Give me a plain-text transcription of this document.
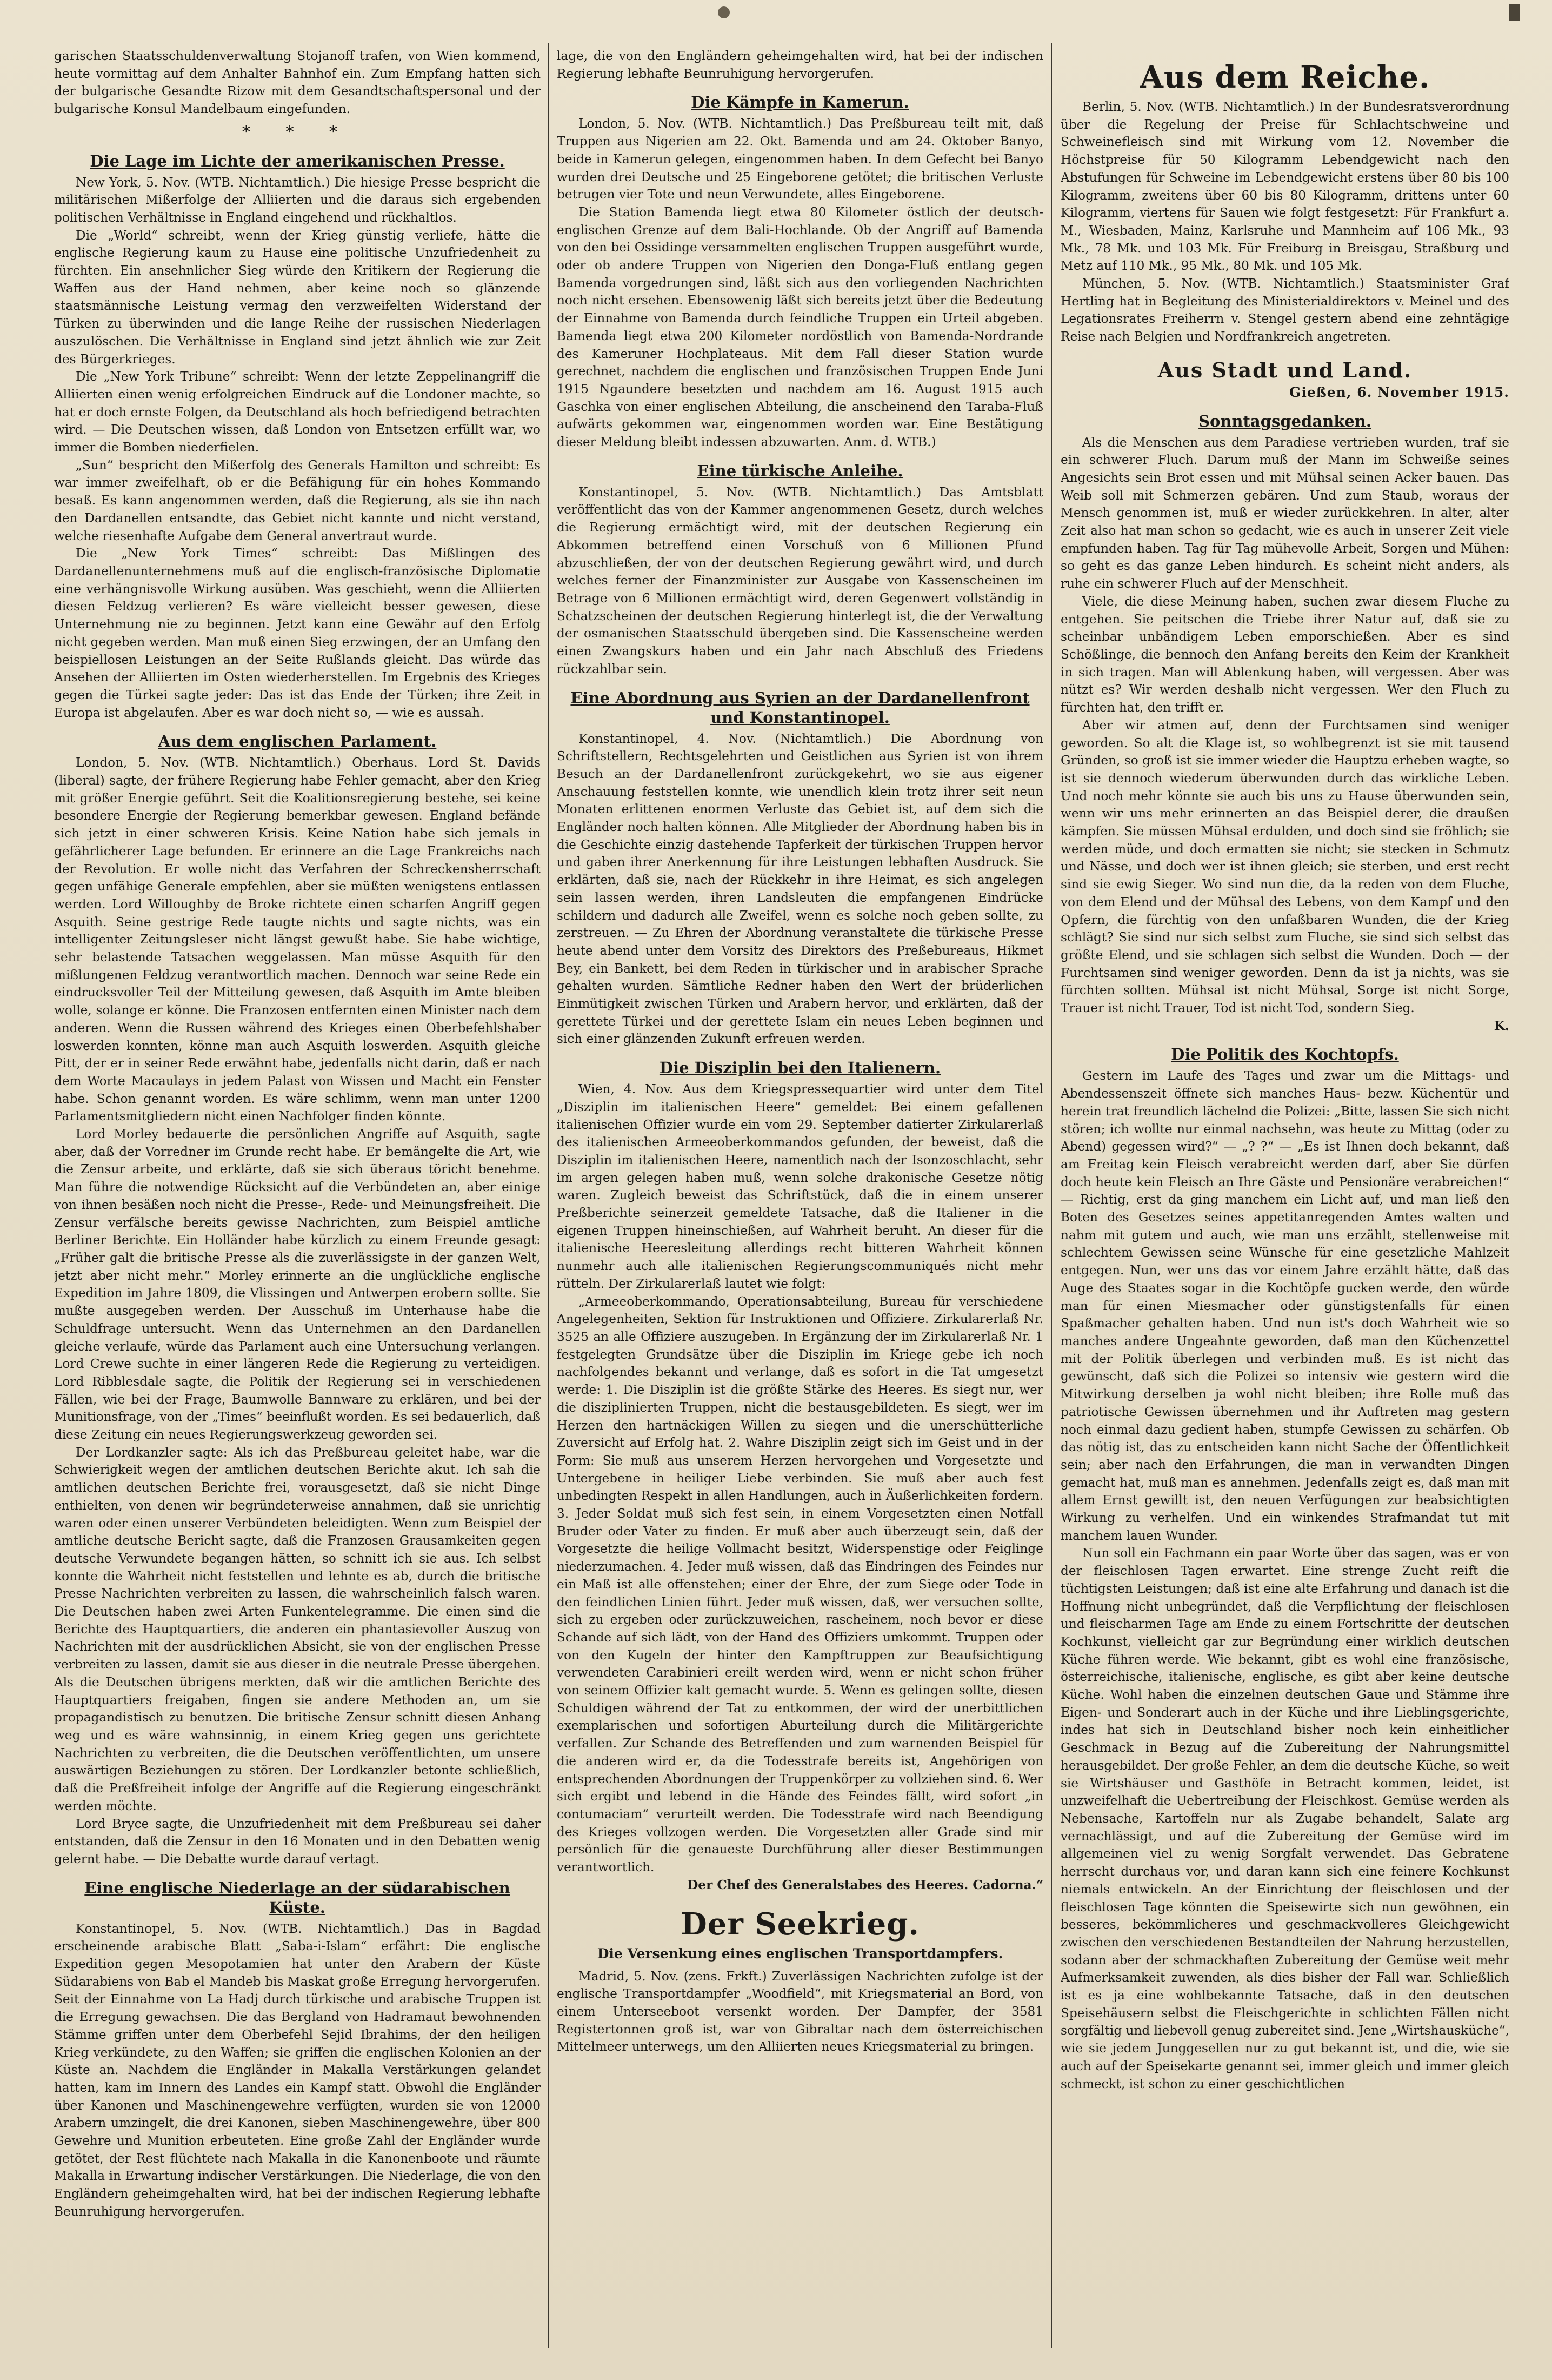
garischen Staatsschuldenverwaltung Stojanoff trafen, von Wien kommend, heute vormittag auf dem Anhalter Bahnhof ein. Zum Empfang hatten sich der bulgarische Gesandte Rizow mit dem Gesandtschaftspersonal und der bulgarische Konsul Mandelbaum eingefunden.

* * *
Die Lage im Lichte der amerikanischen Presse.

New York, 5. Nov. (WTB. Nichtamtlich.) Die hiesige Presse bespricht die militärischen Mißerfolge der Alliierten und die daraus sich ergebenden politischen Verhältnisse in England eingehend und rückhaltlos.

Die „World“ schreibt, wenn der Krieg günstig verliefe, hätte die englische Regierung kaum zu Hause eine politische Unzufriedenheit zu fürchten. Ein ansehnlicher Sieg würde den Kritikern der Regierung die Waffen aus der Hand nehmen, aber keine noch so glänzende staatsmännische Leistung vermag den verzweifelten Widerstand der Türken zu überwinden und die lange Reihe der russischen Niederlagen auszulöschen. Die Verhältnisse in England sind jetzt ähnlich wie zur Zeit des Bürgerkrieges.

Die „New York Tribune“ schreibt: Wenn der letzte Zeppelinangriff die Alliierten einen wenig erfolgreichen Eindruck auf die Londoner machte, so hat er doch ernste Folgen, da Deutschland als hoch befriedigend betrachten wird. — Die Deutschen wissen, daß London von Entsetzen erfüllt war, wo immer die Bomben niederfielen.

„Sun“ bespricht den Mißerfolg des Generals Hamilton und schreibt: Es war immer zweifelhaft, ob er die Befähigung für ein hohes Kommando besaß. Es kann angenommen werden, daß die Regierung, als sie ihn nach den Dardanellen entsandte, das Gebiet nicht kannte und nicht verstand, welche riesenhafte Aufgabe dem General anvertraut wurde.

Die „New York Times“ schreibt: Das Mißlingen des Dardanellenunternehmens muß auf die englisch-französische Diplomatie eine verhängnisvolle Wirkung ausüben. Was geschieht, wenn die Alliierten diesen Feldzug verlieren? Es wäre vielleicht besser gewesen, diese Unternehmung nie zu beginnen. Jetzt kann eine Gewähr auf den Erfolg nicht gegeben werden. Man muß einen Sieg erzwingen, der an Umfang den beispiellosen Leistungen an der Seite Rußlands gleicht. Das würde das Ansehen der Alliierten im Osten wiederherstellen. Im Ergebnis des Krieges gegen die Türkei sagte jeder: Das ist das Ende der Türken; ihre Zeit in Europa ist abgelaufen. Aber es war doch nicht so, — wie es aussah.

Aus dem englischen Parlament.

London, 5. Nov. (WTB. Nichtamtlich.) Oberhaus. Lord St. Davids (liberal) sagte, der frühere Regierung habe Fehler gemacht, aber den Krieg mit größer Energie geführt. Seit die Koalitionsregierung bestehe, sei keine besondere Energie der Regierung bemerkbar gewesen. England befände sich jetzt in einer schweren Krisis. Keine Nation habe sich jemals in gefährlicherer Lage befunden. Er erinnere an die Lage Frankreichs nach der Revolution. Er wolle nicht das Verfahren der Schreckensherrschaft gegen unfähige Generale empfehlen, aber sie müßten wenigstens entlassen werden. Lord Willoughby de Broke richtete einen scharfen Angriff gegen Asquith. Seine gestrige Rede taugte nichts und sagte nichts, was ein intelligenter Zeitungsleser nicht längst gewußt habe. Sie habe wichtige, sehr belastende Tatsachen weggelassen. Man müsse Asquith für den mißlungenen Feldzug verantwortlich machen. Dennoch war seine Rede ein eindrucksvoller Teil der Mitteilung gewesen, daß Asquith im Amte bleiben wolle, solange er könne. Die Franzosen entfernten einen Minister nach dem anderen. Wenn die Russen während des Krieges einen Oberbefehlshaber loswerden konnten, könne man auch Asquith loswerden. Asquith gleiche Pitt, der er in seiner Rede erwähnt habe, jedenfalls nicht darin, daß er nach dem Worte Macaulays in jedem Palast von Wissen und Macht ein Fenster habe. Schon genannt worden. Es wäre schlimm, wenn man unter 1200 Parlamentsmitgliedern nicht einen Nachfolger finden könnte.

Lord Morley bedauerte die persönlichen Angriffe auf Asquith, sagte aber, daß der Vorredner im Grunde recht habe. Er bemängelte die Art, wie die Zensur arbeite, und erklärte, daß sie sich überaus töricht benehme. Man führe die notwendige Rücksicht auf die Verbündeten an, aber einige von ihnen besäßen noch nicht die Presse-, Rede- und Meinungsfreiheit. Die Zensur verfälsche bereits gewisse Nachrichten, zum Beispiel amtliche Berliner Berichte. Ein Holländer habe kürzlich zu einem Freunde gesagt: „Früher galt die britische Presse als die zuverlässigste in der ganzen Welt, jetzt aber nicht mehr.“ Morley erinnerte an die unglückliche englische Expedition im Jahre 1809, die Vlissingen und Antwerpen erobern sollte. Sie mußte ausgegeben werden. Der Ausschuß im Unterhause habe die Schuldfrage untersucht. Wenn das Unternehmen an den Dardanellen gleiche verlaufe, würde das Parlament auch eine Untersuchung verlangen. Lord Crewe suchte in einer längeren Rede die Regierung zu verteidigen. Lord Ribblesdale sagte, die Politik der Regierung sei in verschiedenen Fällen, wie bei der Frage, Baumwolle Bannware zu erklären, und bei der Munitionsfrage, von der „Times“ beeinflußt worden. Es sei bedauerlich, daß diese Zeitung ein neues Regierungswerkzeug geworden sei.

Der Lordkanzler sagte: Als ich das Preßbureau geleitet habe, war die Schwierigkeit wegen der amtlichen deutschen Berichte akut. Ich sah die amtlichen deutschen Berichte frei, vorausgesetzt, daß sie nicht Dinge enthielten, von denen wir begründeterweise annahmen, daß sie unrichtig waren oder einen unserer Verbündeten beleidigten. Wenn zum Beispiel der amtliche deutsche Bericht sagte, daß die Franzosen Grausamkeiten gegen deutsche Verwundete begangen hätten, so schnitt ich sie aus. Ich selbst konnte die Wahrheit nicht feststellen und lehnte es ab, durch die britische Presse Nachrichten verbreiten zu lassen, die wahrscheinlich falsch waren. Die Deutschen haben zwei Arten Funkentelegramme. Die einen sind die Berichte des Hauptquartiers, die anderen ein phantasievoller Auszug von Nachrichten mit der ausdrücklichen Absicht, sie von der englischen Presse verbreiten zu lassen, damit sie aus dieser in die neutrale Presse übergehen. Als die Deutschen übrigens merkten, daß wir die amtlichen Berichte des Hauptquartiers freigaben, fingen sie andere Methoden an, um sie propagandistisch zu benutzen. Die britische Zensur schnitt diesen Anhang weg und es wäre wahnsinnig, in einem Krieg gegen uns gerichtete Nachrichten zu verbreiten, die die Deutschen veröffentlichten, um unsere auswärtigen Beziehungen zu stören. Der Lordkanzler betonte schließlich, daß die Preßfreiheit infolge der Angriffe auf die Regierung eingeschränkt werden möchte.

Lord Bryce sagte, die Unzufriedenheit mit dem Preßbureau sei daher entstanden, daß die Zensur in den 16 Monaten und in den Debatten wenig gelernt habe. — Die Debatte wurde darauf vertagt.

Eine englische Niederlage an der südarabischen Küste.

Konstantinopel, 5. Nov. (WTB. Nichtamtlich.) Das in Bagdad erscheinende arabische Blatt „Saba-i-Islam“ erfährt: Die englische Expedition gegen Mesopotamien hat unter den Arabern der Küste Südarabiens von Bab el Mandeb bis Maskat große Erregung hervorgerufen. Seit der Einnahme von La Hadj durch türkische und arabische Truppen ist die Erregung gewachsen. Die das Bergland von Hadramaut bewohnenden Stämme griffen unter dem Oberbefehl Sejid Ibrahims, der den heiligen Krieg verkündete, zu den Waffen; sie griffen die englischen Kolonien an der Küste an. Nachdem die Engländer in Makalla Verstärkungen gelandet hatten, kam im Innern des Landes ein Kampf statt. Obwohl die Engländer über Kanonen und Maschinengewehre verfügten, wurden sie von 12000 Arabern umzingelt, die drei Kanonen, sieben Maschinengewehre, über 800 Gewehre und Munition erbeuteten. Eine große Zahl der Engländer wurde getötet, der Rest flüchtete nach Makalla in die Kanonenboote und räumte Makalla in Erwartung indischer Verstärkungen. Die Niederlage, die von den Engländern geheimgehalten wird, hat bei der indischen Regierung lebhafte Beunruhigung hervorgerufen.

lage, die von den Engländern geheimgehalten wird, hat bei der indischen Regierung lebhafte Beunruhigung hervorgerufen.

Die Kämpfe in Kamerun.

London, 5. Nov. (WTB. Nichtamtlich.) Das Preßbureau teilt mit, daß Truppen aus Nigerien am 22. Okt. Bamenda und am 24. Oktober Banyo, beide in Kamerun gelegen, eingenommen haben. In dem Gefecht bei Banyo wurden drei Deutsche und 25 Eingeborene getötet; die britischen Verluste betrugen vier Tote und neun Verwundete, alles Eingeborene.

Die Station Bamenda liegt etwa 80 Kilometer östlich der deutsch-englischen Grenze auf dem Bali-Hochlande. Ob der Angriff auf Bamenda von den bei Ossidinge versammelten englischen Truppen ausgeführt wurde, oder ob andere Truppen von Nigerien den Donga-Fluß entlang gegen Bamenda vorgedrungen sind, läßt sich aus den vorliegenden Nachrichten noch nicht ersehen. Ebensowenig läßt sich bereits jetzt über die Bedeutung der Einnahme von Bamenda durch feindliche Truppen ein Urteil abgeben. Bamenda liegt etwa 200 Kilometer nordöstlich von Bamenda-Nordrande des Kameruner Hochplateaus. Mit dem Fall dieser Station wurde gerechnet, nachdem die englischen und französischen Truppen Ende Juni 1915 Ngaundere besetzten und nachdem am 16. August 1915 auch Gaschka von einer englischen Abteilung, die anscheinend den Taraba-Fluß aufwärts gekommen war, eingenommen worden war. Eine Bestätigung dieser Meldung bleibt indessen abzuwarten. Anm. d. WTB.)

Eine türkische Anleihe.

Konstantinopel, 5. Nov. (WTB. Nichtamtlich.) Das Amtsblatt veröffentlicht das von der Kammer angenommenen Gesetz, durch welches die Regierung ermächtigt wird, mit der deutschen Regierung ein Abkommen betreffend einen Vorschuß von 6 Millionen Pfund abzuschließen, der von der deutschen Regierung gewährt wird, und durch welches ferner der Finanzminister zur Ausgabe von Kassenscheinen im Betrage von 6 Millionen ermächtigt wird, deren Gegenwert vollständig in Schatzscheinen der deutschen Regierung hinterlegt ist, die der Verwaltung der osmanischen Staatsschuld übergeben sind. Die Kassenscheine werden einen Zwangskurs haben und ein Jahr nach Abschluß des Friedens rückzahlbar sein.

Eine Abordnung aus Syrien an der Dardanellenfront und Konstantinopel.

Konstantinopel, 4. Nov. (Nichtamtlich.) Die Abordnung von Schriftstellern, Rechtsgelehrten und Geistlichen aus Syrien ist von ihrem Besuch an der Dardanellenfront zurückgekehrt, wo sie aus eigener Anschauung feststellen konnte, wie unendlich klein trotz ihrer seit neun Monaten erlittenen enormen Verluste das Gebiet ist, auf dem sich die Engländer noch halten können. Alle Mitglieder der Abordnung haben bis in die Geschichte einzig dastehende Tapferkeit der türkischen Truppen hervor und gaben ihrer Anerkennung für ihre Leistungen lebhaften Ausdruck. Sie erklärten, daß sie, nach der Rückkehr in ihre Heimat, es sich angelegen sein lassen werden, ihren Landsleuten die empfangenen Eindrücke schildern und dadurch alle Zweifel, wenn es solche noch geben sollte, zu zerstreuen. — Zu Ehren der Abordnung veranstaltete die türkische Presse heute abend unter dem Vorsitz des Direktors des Preßebureaus, Hikmet Bey, ein Bankett, bei dem Reden in türkischer und in arabischer Sprache gehalten wurden. Sämtliche Redner haben den Wert der brüderlichen Einmütigkeit zwischen Türken und Arabern hervor, und erklärten, daß der gerettete Türkei und der gerettete Islam ein neues Leben beginnen und sich einer glänzenden Zukunft erfreuen werden.

Die Disziplin bei den Italienern.

Wien, 4. Nov. Aus dem Kriegspressequartier wird unter dem Titel „Disziplin im italienischen Heere“ gemeldet: Bei einem gefallenen italienischen Offizier wurde ein vom 29. September datierter Zirkularerlaß des italienischen Armeeoberkommandos gefunden, der beweist, daß die Disziplin im italienischen Heere, namentlich nach der Isonzoschlacht, sehr im argen gelegen haben muß, wenn solche drakonische Gesetze nötig waren. Zugleich beweist das Schriftstück, daß die in einem unserer Preßberichte seinerzeit gemeldete Tatsache, daß die Italiener in die eigenen Truppen hineinschießen, auf Wahrheit beruht. An dieser für die italienische Heeresleitung allerdings recht bitteren Wahrheit können nunmehr auch alle italienischen Regierungscommuniqués nicht mehr rütteln. Der Zirkularerlaß lautet wie folgt:

„Armeeoberkommando, Operationsabteilung, Bureau für verschiedene Angelegenheiten, Sektion für Instruktionen und Offiziere. Zirkularerlaß Nr. 3525 an alle Offiziere auszugeben. In Ergänzung der im Zirkularerlaß Nr. 1 festgelegten Grundsätze über die Disziplin im Kriege gebe ich noch nachfolgendes bekannt und verlange, daß es sofort in die Tat umgesetzt werde: 1. Die Disziplin ist die größte Stärke des Heeres. Es siegt nur, wer die disziplinierten Truppen, nicht die bestausgebildeten. Es siegt, wer im Herzen den hartnäckigen Willen zu siegen und die unerschütterliche Zuversicht auf Erfolg hat. 2. Wahre Disziplin zeigt sich im Geist und in der Form: Sie muß aus unserem Herzen hervorgehen und Vorgesetzte und Untergebene in heiliger Liebe verbinden. Sie muß aber auch fest unbedingten Respekt in allen Handlungen, auch in Äußerlichkeiten fordern. 3. Jeder Soldat muß sich fest sein, in einem Vorgesetzten einen Notfall Bruder oder Vater zu finden. Er muß aber auch überzeugt sein, daß der Vorgesetzte die heilige Vollmacht besitzt, Widerspenstige oder Feiglinge niederzumachen. 4. Jeder muß wissen, daß das Eindringen des Feindes nur ein Maß ist alle offenstehen; einer der Ehre, der zum Siege oder Tode in den feindlichen Linien führt. Jeder muß wissen, daß, wer versuchen sollte, sich zu ergeben oder zurückzuweichen, rascheinem, noch bevor er diese Schande auf sich lädt, von der Hand des Offiziers umkommt. Truppen oder von den Kugeln der hinter den Kampftruppen zur Beaufsichtigung verwendeten Carabinieri ereilt werden wird, wenn er nicht schon früher von seinem Offizier kalt gemacht wurde. 5. Wenn es gelingen sollte, diesen Schuldigen während der Tat zu entkommen, der wird der unerbittlichen exemplarischen und sofortigen Aburteilung durch die Militärgerichte verfallen. Zur Schande des Betreffenden und zum warnenden Beispiel für die anderen wird er, da die Todesstrafe bereits ist, Angehörigen von entsprechenden Abordnungen der Truppenkörper zu vollziehen sind. 6. Wer sich ergibt und lebend in die Hände des Feindes fällt, wird sofort „in contumaciam“ verurteilt werden. Die Todesstrafe wird nach Beendigung des Krieges vollzogen werden. Die Vorgesetzten aller Grade sind mir persönlich für die genaueste Durchführung aller dieser Bestimmungen verantwortlich.

Der Chef des Generalstabes des Heeres. Cadorna.“

Der Seekrieg.
Die Versenkung eines englischen Transportdampfers.

Madrid, 5. Nov. (zens. Frkft.) Zuverlässigen Nachrichten zufolge ist der englische Transportdampfer „Woodfield“, mit Kriegsmaterial an Bord, von einem Unterseeboot versenkt worden. Der Dampfer, der 3581 Registertonnen groß ist, war von Gibraltar nach dem österreichischen Mittelmeer unterwegs, um den Alliierten neues Kriegsmaterial zu bringen.

Aus dem Reiche.

Berlin, 5. Nov. (WTB. Nichtamtlich.) In der Bundesratsverordnung über die Regelung der Preise für Schlachtschweine und Schweinefleisch sind mit Wirkung vom 12. November die Höchstpreise für 50 Kilogramm Lebendgewicht nach den Abstufungen für Schweine im Lebendgewicht erstens über 80 bis 100 Kilogramm, zweitens über 60 bis 80 Kilogramm, drittens unter 60 Kilogramm, viertens für Sauen wie folgt festgesetzt: Für Frankfurt a. M., Wiesbaden, Mainz, Karlsruhe und Mannheim auf 106 Mk., 93 Mk., 78 Mk. und 103 Mk. Für Freiburg in Breisgau, Straßburg und Metz auf 110 Mk., 95 Mk., 80 Mk. und 105 Mk.

München, 5. Nov. (WTB. Nichtamtlich.) Staatsminister Graf Hertling hat in Begleitung des Ministerialdirektors v. Meinel und des Legationsrates Freiherrn v. Stengel gestern abend eine zehntägige Reise nach Belgien und Nordfrankreich angetreten.

Aus Stadt und Land.
Gießen, 6. November 1915.
Sonntagsgedanken.

Als die Menschen aus dem Paradiese vertrieben wurden, traf sie ein schwerer Fluch. Darum muß der Mann im Schweiße seines Angesichts sein Brot essen und mit Mühsal seinen Acker bauen. Das Weib soll mit Schmerzen gebären. Und zum Staub, woraus der Mensch genommen ist, muß er wieder zurückkehren. In alter, alter Zeit also hat man schon so gedacht, wie es auch in unserer Zeit viele empfunden haben. Tag für Tag mühevolle Arbeit, Sorgen und Mühen: so geht es das ganze Leben hindurch. Es scheint nicht anders, als ruhe ein schwerer Fluch auf der Menschheit.

Viele, die diese Meinung haben, suchen zwar diesem Fluche zu entgehen. Sie peitschen die Triebe ihrer Natur auf, daß sie zu scheinbar unbändigem Leben emporschießen. Aber es sind Schößlinge, die bennoch den Anfang bereits den Keim der Krankheit in sich tragen. Man will Ablenkung haben, will vergessen. Aber was nützt es? Wir werden deshalb nicht vergessen. Wer den Fluch zu fürchten hat, den trifft er.

Aber wir atmen auf, denn der Furchtsamen sind weniger geworden. So alt die Klage ist, so wohlbegrenzt ist sie mit tausend Gründen, so groß ist sie immer wieder die Hauptzu erheben wagte, so ist sie dennoch wiederum überwunden durch das wirkliche Leben. Und noch mehr könnte sie auch bis uns zu Hause überwunden sein, wenn wir uns mehr erinnerten an das Beispiel derer, die draußen kämpfen. Sie müssen Mühsal erdulden, und doch sind sie fröhlich; sie werden müde, und doch ermatten sie nicht; sie stecken in Schmutz und Nässe, und doch wer ist ihnen gleich; sie sterben, und erst recht sind sie ewig Sieger. Wo sind nun die, da la reden von dem Fluche, von dem Elend und der Mühsal des Lebens, von dem Kampf und den Opfern, die fürchtig von den unfaßbaren Wunden, die der Krieg schlägt? Sie sind nur sich selbst zum Fluche, sie sind sich selbst das größte Elend, und sie schlagen sich selbst die Wunden. Doch — der Furchtsamen sind weniger geworden. Denn da ist ja nichts, was sie fürchten sollten. Mühsal ist nicht Mühsal, Sorge ist nicht Sorge, Trauer ist nicht Trauer, Tod ist nicht Tod, sondern Sieg.

K.

Die Politik des Kochtopfs.

Gestern im Laufe des Tages und zwar um die Mittags- und Abendessenszeit öffnete sich manches Haus- bezw. Küchentür und herein trat freundlich lächelnd die Polizei: „Bitte, lassen Sie sich nicht stören; ich wollte nur einmal nachsehn, was heute zu Mittag (oder zu Abend) gegessen wird?“ — „? ?“ — „Es ist Ihnen doch bekannt, daß am Freitag kein Fleisch verabreicht werden darf, aber Sie dürfen doch heute kein Fleisch an Ihre Gäste und Pensionäre verabreichen!“ — Richtig, erst da ging manchem ein Licht auf, und man ließ den Boten des Gesetzes seines appetitanregenden Amtes walten und nahm mit gutem und auch, wie man uns erzählt, stellenweise mit schlechtem Gewissen seine Wünsche für eine gesetzliche Mahlzeit entgegen. Nun, wer uns das vor einem Jahre erzählt hätte, daß das Auge des Staates sogar in die Kochtöpfe gucken werde, den würde man für einen Miesmacher oder günstigstenfalls für einen Spaßmacher gehalten haben. Und nun ist's doch Wahrheit wie so manches andere Ungeahnte geworden, daß man den Küchenzettel mit der Politik überlegen und verbinden muß. Es ist nicht das gewünscht, daß sich die Polizei so intensiv wie gestern wird die Mitwirkung derselben ja wohl nicht bleiben; ihre Rolle muß das patriotische Gewissen übernehmen und ihr Auftreten mag gestern noch einmal dazu gedient haben, stumpfe Gewissen zu schärfen. Ob das nötig ist, das zu entscheiden kann nicht Sache der Öffentlichkeit sein; aber nach den Erfahrungen, die man in verwandten Dingen gemacht hat, muß man es annehmen. Jedenfalls zeigt es, daß man mit allem Ernst gewillt ist, den neuen Verfügungen zur beabsichtigten Wirkung zu verhelfen. Und ein winkendes Strafmandat tut mit manchem lauen Wunder.

Nun soll ein Fachmann ein paar Worte über das sagen, was er von der fleischlosen Tagen erwartet. Eine strenge Zucht reift die tüchtigsten Leistungen; daß ist eine alte Erfahrung und danach ist die Hoffnung nicht unbegründet, daß die Verpflichtung der fleischlosen und fleischarmen Tage am Ende zu einem Fortschritte der deutschen Kochkunst, vielleicht gar zur Begründung einer wirklich deutschen Küche führen werde. Wie bekannt, gibt es wohl eine französische, österreichische, italienische, englische, es gibt aber keine deutsche Küche. Wohl haben die einzelnen deutschen Gaue und Stämme ihre Eigen- und Sonderart auch in der Küche und ihre Lieblingsgerichte, indes hat sich in Deutschland bisher noch kein einheitlicher Geschmack in Bezug auf die Zubereitung der Nahrungsmittel herausgebildet. Der große Fehler, an dem die deutsche Küche, so weit sie Wirtshäuser und Gasthöfe in Betracht kommen, leidet, ist unzweifelhaft die Uebertreibung der Fleischkost. Gemüse werden als Nebensache, Kartoffeln nur als Zugabe behandelt, Salate arg vernachlässigt, und auf die Zubereitung der Gemüse wird im allgemeinen viel zu wenig Sorgfalt verwendet. Das Gebratene herrscht durchaus vor, und daran kann sich eine feinere Kochkunst niemals entwickeln. An der Einrichtung der fleischlosen und der fleischlosen Tage könnten die Speisewirte sich nun gewöhnen, ein besseres, bekömmlicheres und geschmackvolleres Gleichgewicht zwischen den verschiedenen Bestandteilen der Nahrung herzustellen, sodann aber der schmackhaften Zubereitung der Gemüse weit mehr Aufmerksamkeit zuwenden, als dies bisher der Fall war. Schließlich ist es ja eine wohlbekannte Tatsache, daß in den deutschen Speisehäusern selbst die Fleischgerichte in schlichten Fällen nicht sorgfältig und liebevoll genug zubereitet sind. Jene „Wirtshausküche“, wie sie jedem Junggesellen nur zu gut bekannt ist, und die, wie sie auch auf der Speisekarte genannt sei, immer gleich und immer gleich schmeckt, ist schon zu einer geschichtlichen
